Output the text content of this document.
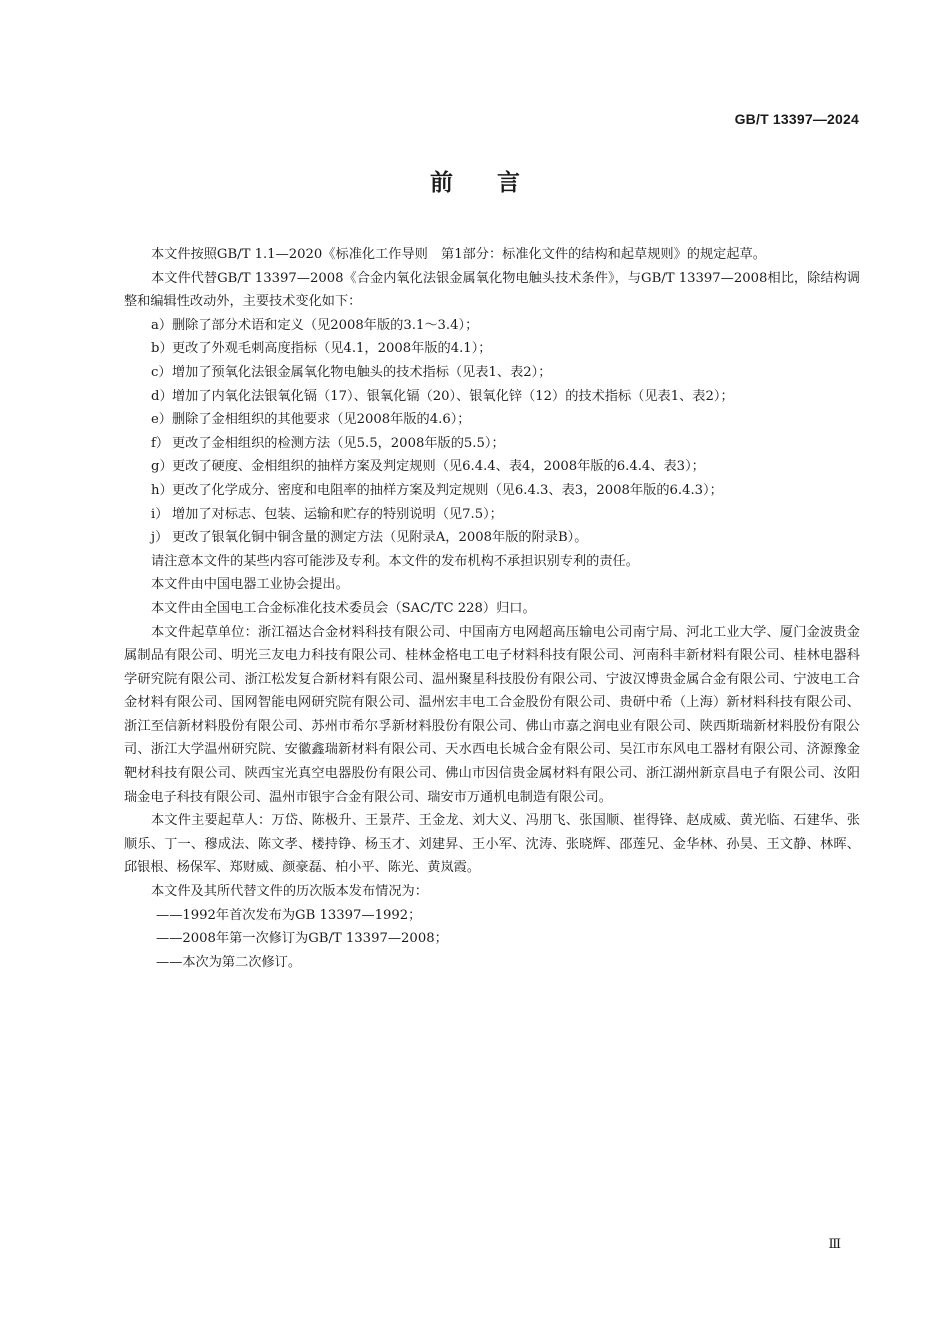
GB/T 13397—2024
前言

本文件按照GB/T 1.1—2020《标准化工作导则　第1部分：标准化文件的结构和起草规则》的规定起草。

本文件代替GB/T 13397—2008《合金内氧化法银金属氧化物电触头技术条件》，与GB/T 13397—2008相比，除结构调整和编辑性改动外，主要技术变化如下：

a）删除了部分术语和定义（见2008年版的3.1～3.4）；

b）更改了外观毛刺高度指标（见4.1，2008年版的4.1）；

c）增加了预氧化法银金属氧化物电触头的技术指标（见表1、表2）；

d）增加了内氧化法银氧化镉（17）、银氧化镉（20）、银氧化锌（12）的技术指标（见表1、表2）；

e）删除了金相组织的其他要求（见2008年版的4.6）；

f） 更改了金相组织的检测方法（见5.5，2008年版的5.5）；

g）更改了硬度、金相组织的抽样方案及判定规则（见6.4.4、表4，2008年版的6.4.4、表3）；

h）更改了化学成分、密度和电阻率的抽样方案及判定规则（见6.4.3、表3，2008年版的6.4.3）；

i） 增加了对标志、包装、运输和贮存的特别说明（见7.5）；

j） 更改了银氧化铜中铜含量的测定方法（见附录A，2008年版的附录B）。

请注意本文件的某些内容可能涉及专利。本文件的发布机构不承担识别专利的责任。

本文件由中国电器工业协会提出。

本文件由全国电工合金标准化技术委员会（SAC/TC 228）归口。

本文件起草单位：浙江福达合金材料科技有限公司、中国南方电网超高压输电公司南宁局、河北工业大学、厦门金波贵金属制品有限公司、明光三友电力科技有限公司、桂林金格电工电子材料科技有限公司、河南科丰新材料有限公司、桂林电器科学研究院有限公司、浙江松发复合新材料有限公司、温州聚星科技股份有限公司、宁波汉博贵金属合金有限公司、宁波电工合金材料有限公司、国网智能电网研究院有限公司、温州宏丰电工合金股份有限公司、贵研中希（上海）新材料科技有限公司、浙江至信新材料股份有限公司、苏州市希尔孚新材料股份有限公司、佛山市嘉之润电业有限公司、陕西斯瑞新材料股份有限公司、浙江大学温州研究院、安徽鑫瑞新材料有限公司、天水西电长城合金有限公司、吴江市东风电工器材有限公司、济源豫金靶材科技有限公司、陕西宝光真空电器股份有限公司、佛山市因信贵金属材料有限公司、浙江湖州新京昌电子有限公司、汝阳瑞金电子科技有限公司、温州市银宇合金有限公司、瑞安市万通机电制造有限公司。

本文件主要起草人：万岱、陈极升、王景芹、王金龙、刘大义、冯朋飞、张国顺、崔得锋、赵成威、黄光临、石建华、张顺乐、丁一、穆成法、陈文孝、楼持铮、杨玉才、刘建昇、王小军、沈涛、张晓辉、邵莲兄、金华林、孙昊、王文静、林晖、邱银根、杨保军、郑财威、颜豪磊、柏小平、陈光、黄岚霞。

本文件及其所代替文件的历次版本发布情况为：

——1992年首次发布为GB 13397—1992；

——2008年第一次修订为GB/T 13397—2008；

——本次为第二次修订。

Ⅲ
